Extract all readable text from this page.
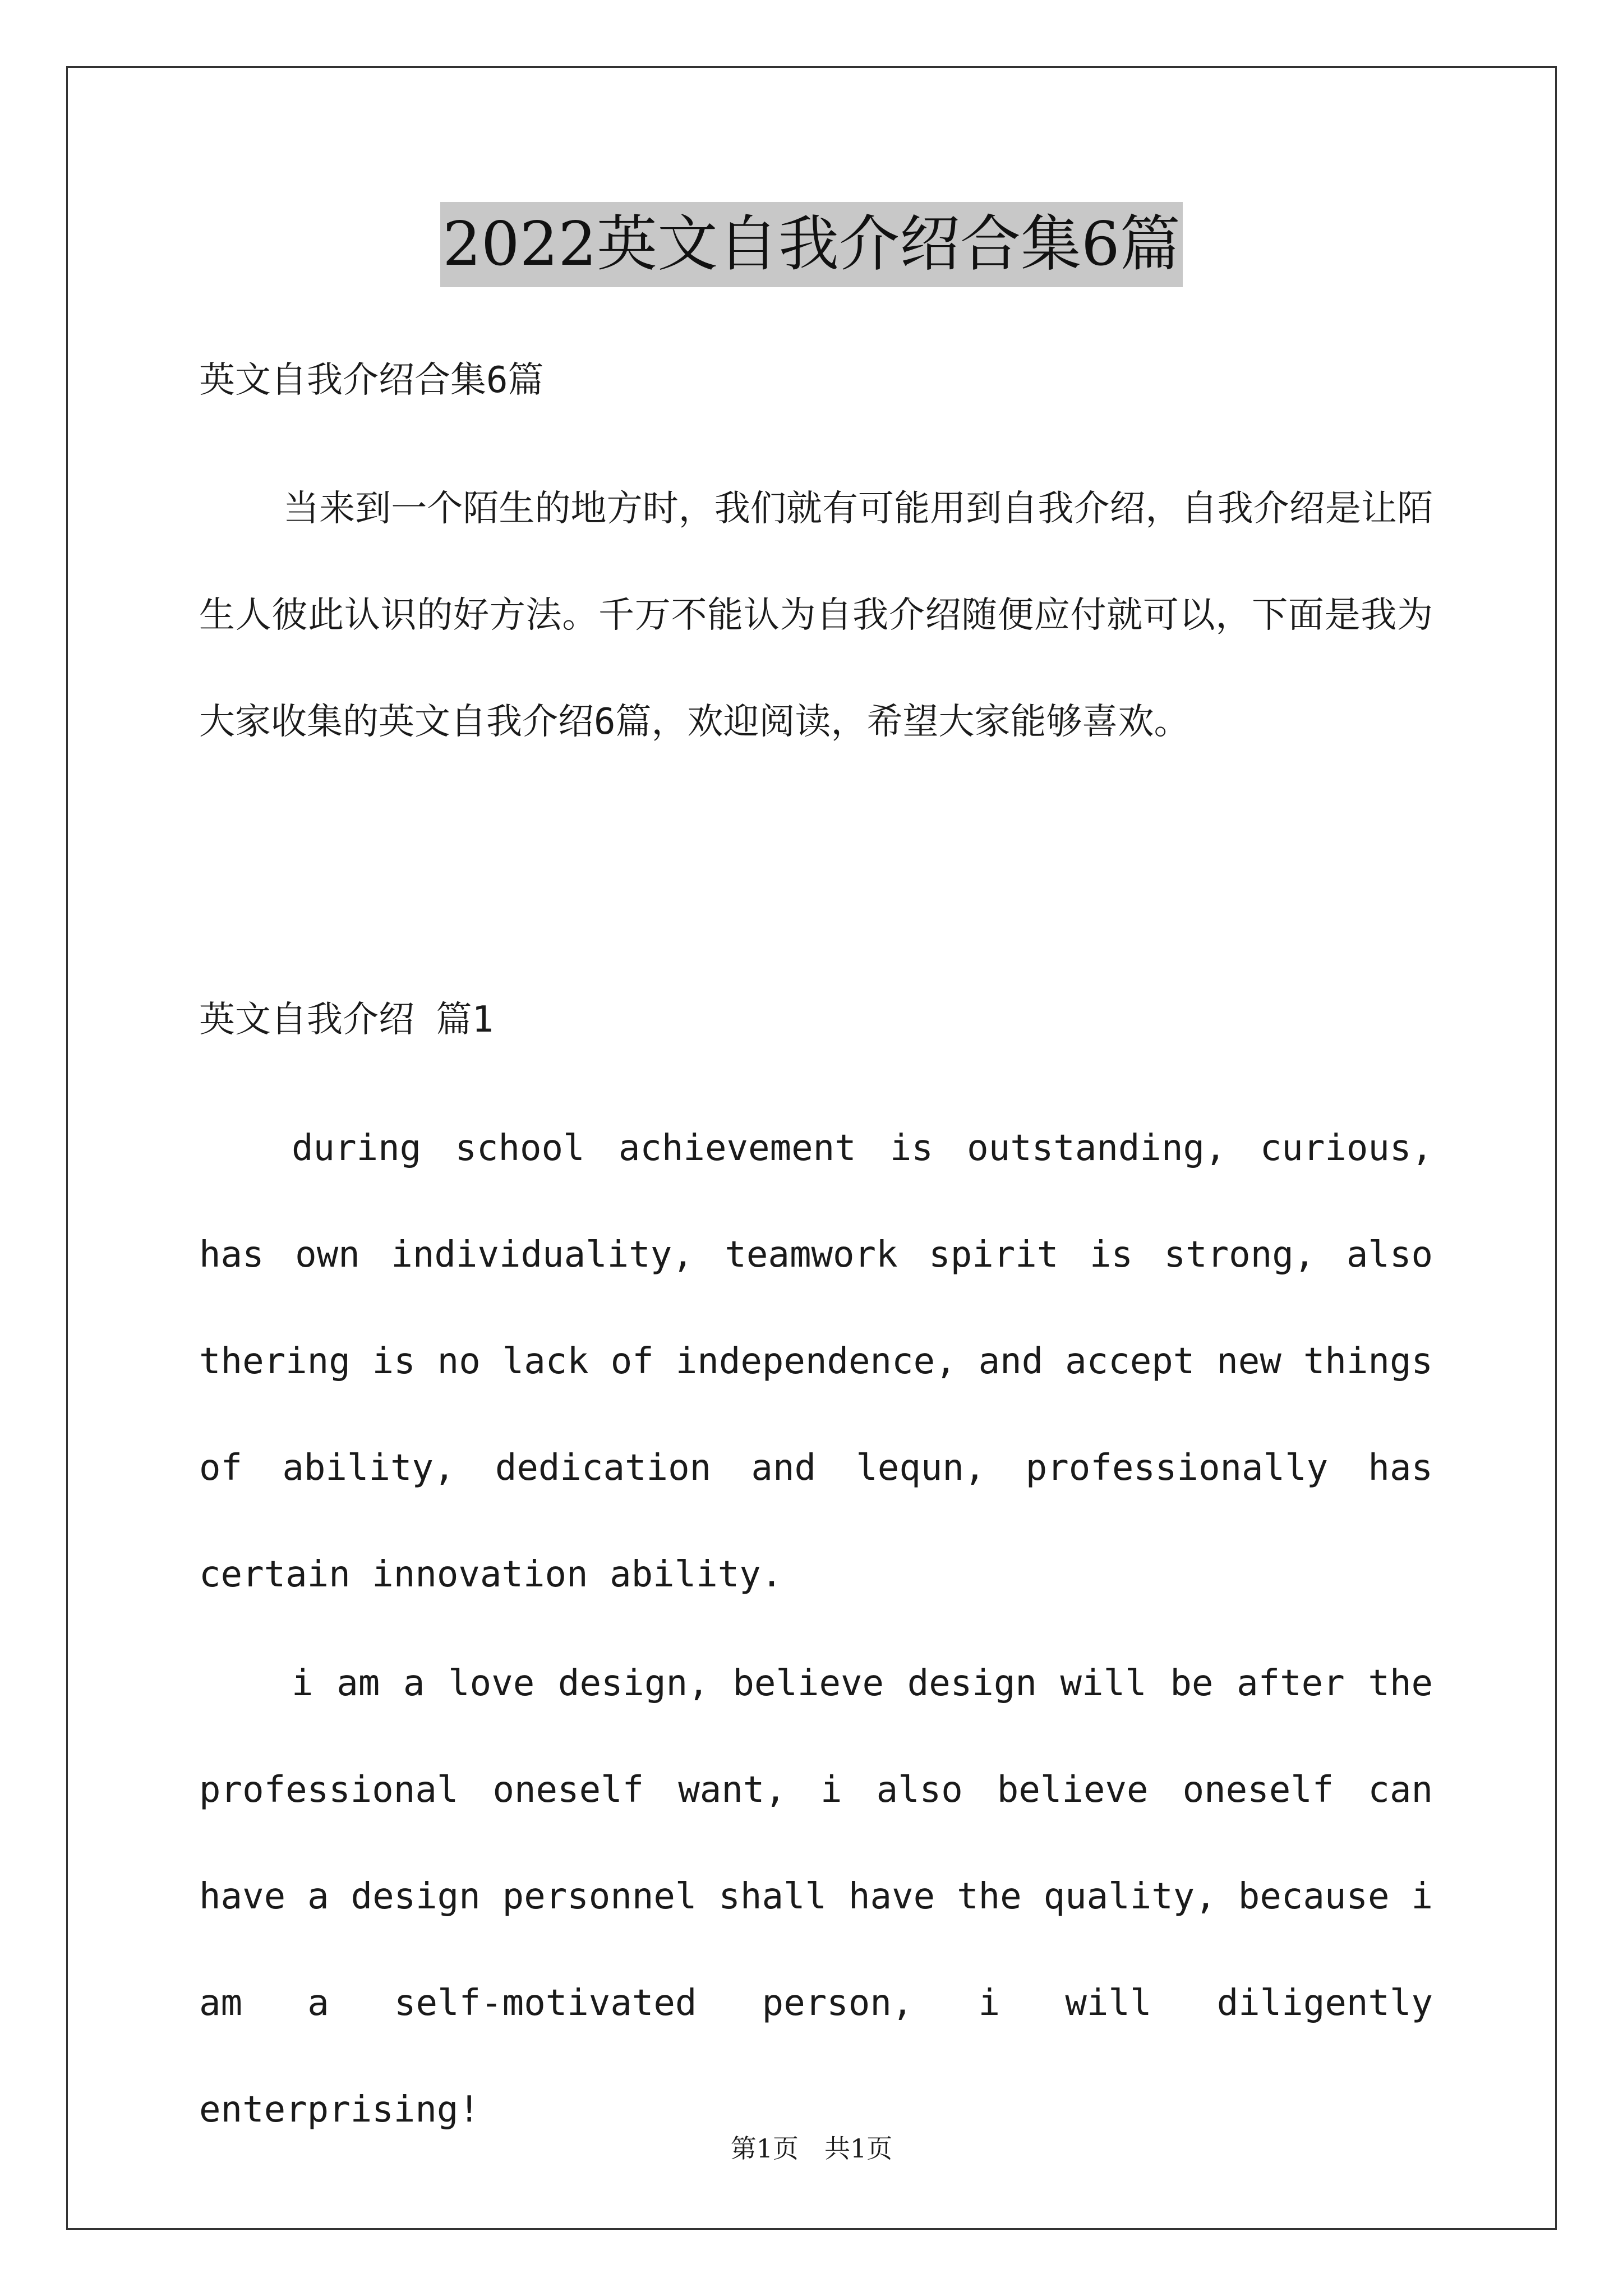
2022英文自我介绍合集6篇
英文自我介绍合集6篇
当来到一个陌生的地方时，我们就有可能用到自我介绍，自我介绍是让陌生人彼此认识的好方法。千万不能认为自我介绍随便应付就可以，下面是我为大家收集的英文自我介绍6篇，欢迎阅读，希望大家能够喜欢。
英文自我介绍 篇1
during school achievement is outstanding, curious, has own individuality, teamwork spirit is strong, also thering is no lack of independence, and accept new things of ability, dedication and lequn, professionally has certain innovation ability.
i am a love design, believe design will be after the professional oneself want, i also believe oneself can have a design personnel shall have the quality, because i am a self-motivated person, i will diligently enterprising!
第1页　共1页
